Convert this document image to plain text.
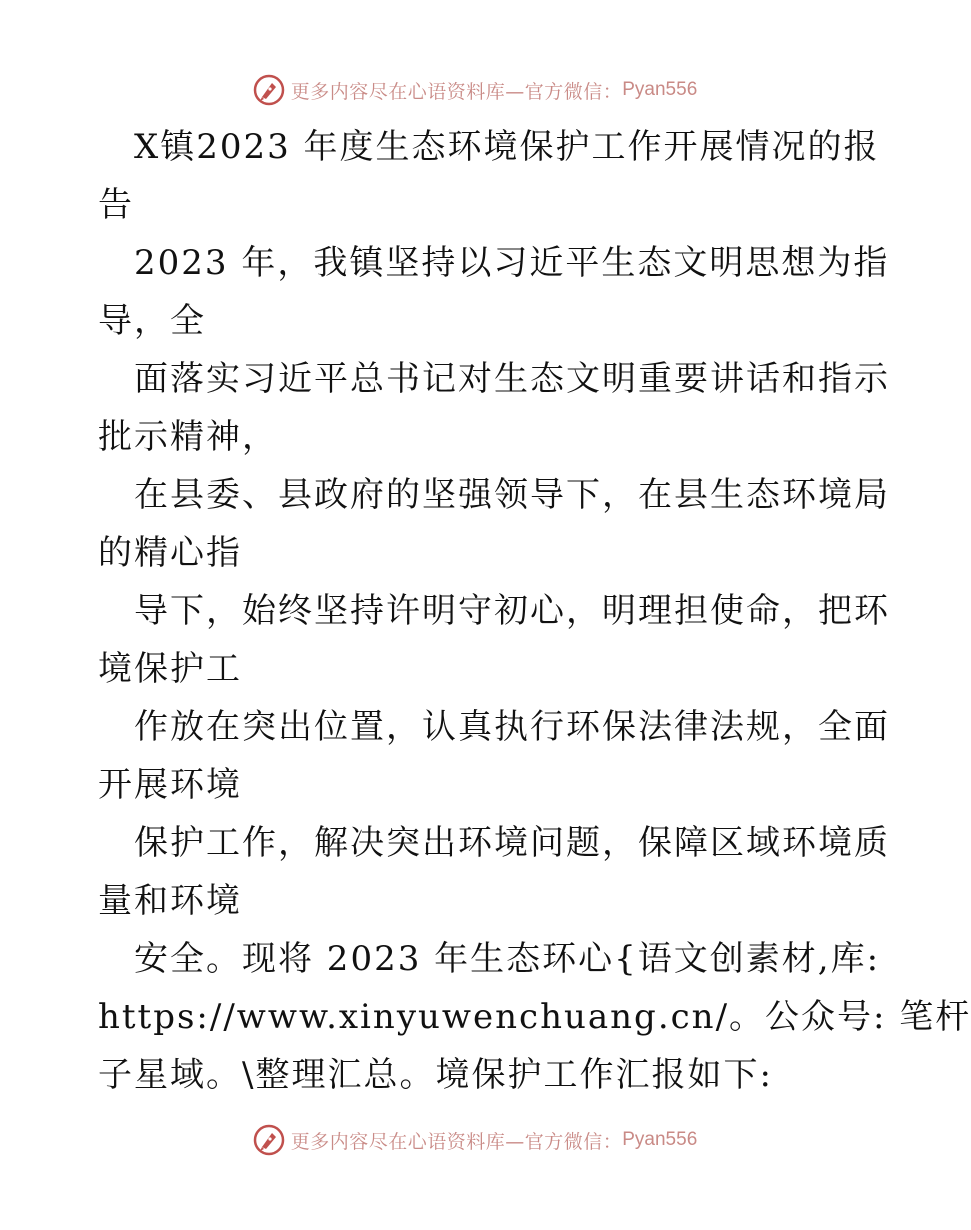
更多内容尽在心语资料库—官方微信： Pyan556
X镇2023 年度生态环境保护工作开展情况的报
告
2023 年，我镇坚持以习近平生态文明思想为指
导，全
面落实习近平总书记对生态文明重要讲话和指示
批示精神，
在县委、县政府的坚强领导下，在县生态环境局
的精心指
导下，始终坚持许明守初心，明理担使命，把环
境保护工
作放在突出位置，认真执行环保法律法规，全面
开展环境
保护工作，解决突出环境问题，保障区域环境质
量和环境
安全。现将 2023 年生态环心{语文创素材,库:
https://www.xinyuwenchuang.cn/。公众号: 笔杆
子星域。\整理汇总。境保护工作汇报如下:
更多内容尽在心语资料库—官方微信： Pyan556
